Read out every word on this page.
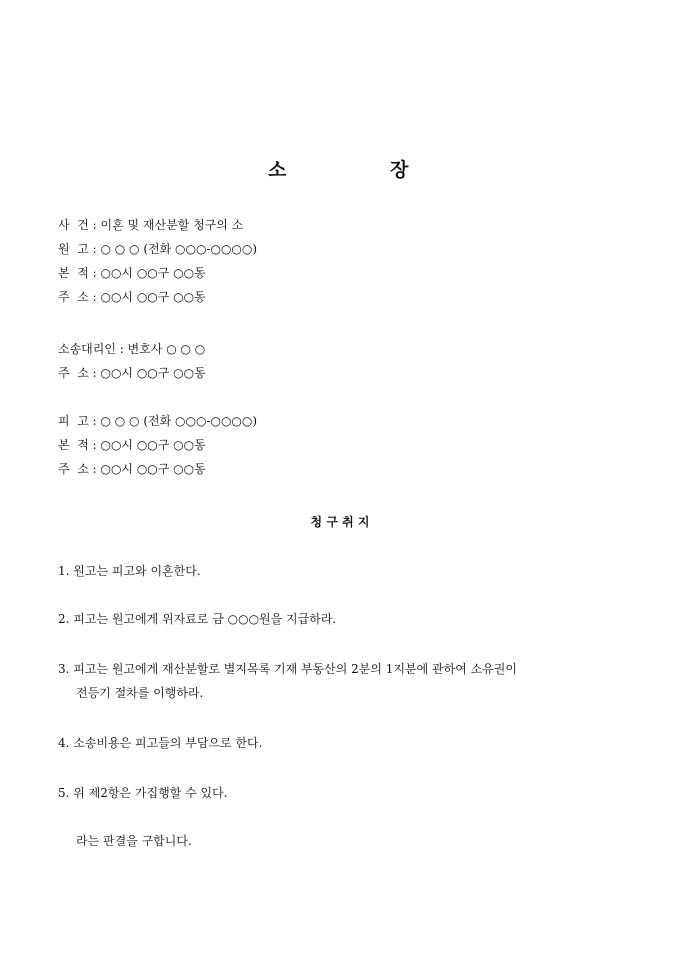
소	장
사  건 : 이혼 및 재산분할 청구의 소
원  고 : ○ ○ ○ (전화 ○○○-○○○○)
본  적 : ○○시 ○○구 ○○동
주  소 : ○○시 ○○구 ○○동
소송대리인 : 변호사 ○ ○ ○
주  소 : ○○시 ○○구 ○○동
피  고 : ○ ○ ○ (전화 ○○○-○○○○)
본  적 : ○○시 ○○구 ○○동
주  소 : ○○시 ○○구 ○○동
청 구 취 지
1. 원고는 피고와 이혼한다.
2. 피고는 원고에게 위자료로 금 ○○○원을 지급하라.
3. 피고는 원고에게 재산분할로 별지목록 기재 부동산의 2분의 1지분에 관하여 소유권이
전등기 절차를 이행하라.
4. 소송비용은 피고들의 부담으로 한다.
5. 위 제2항은 가집행할 수 있다.
라는 판결을 구합니다.
